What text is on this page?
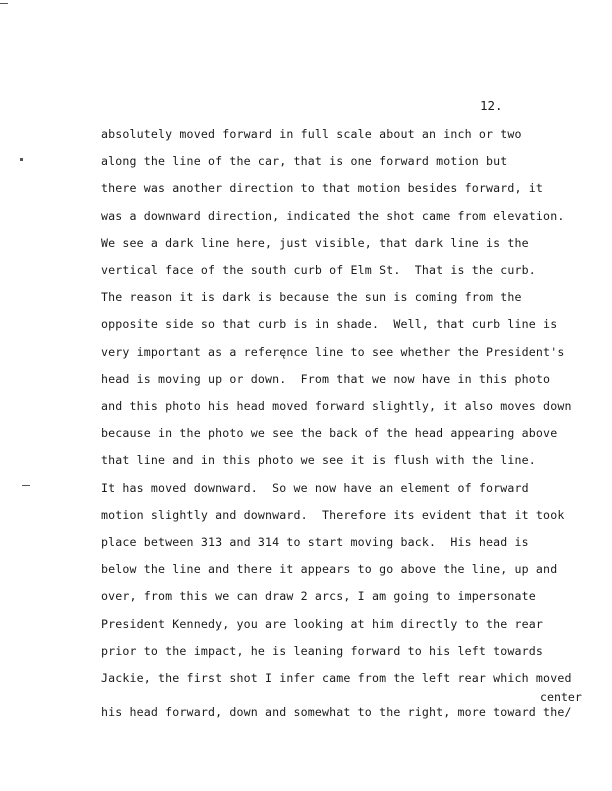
12.
absolutely moved forward in full scale about an inch or two
along the line of the car, that is one forward motion but
there was another direction to that motion besides forward, it
was a downward direction, indicated the shot came from elevation.
We see a dark line here, just visible, that dark line is the
vertical face of the south curb of Elm St.  That is the curb.
The reason it is dark is because the sun is coming from the
opposite side so that curb is in shade.  Well, that curb line is
very important as a referęnce line to see whether the President's
head is moving up or down.  From that we now have in this photo
and this photo his head moved forward slightly, it also moves down
because in the photo we see the back of the head appearing above
that line and in this photo we see it is flush with the line.
It has moved downward.  So we now have an element of forward
motion slightly and downward.  Therefore its evident that it took
place between 313 and 314 to start moving back.  His head is
below the line and there it appears to go above the line, up and
over, from this we can draw 2 arcs, I am going to impersonate
President Kennedy, you are looking at him directly to the rear
prior to the impact, he is leaning forward to his left towards
Jackie, the first shot I infer came from the left rear which moved
his head forward, down and somewhat to the right, more toward the/
center
